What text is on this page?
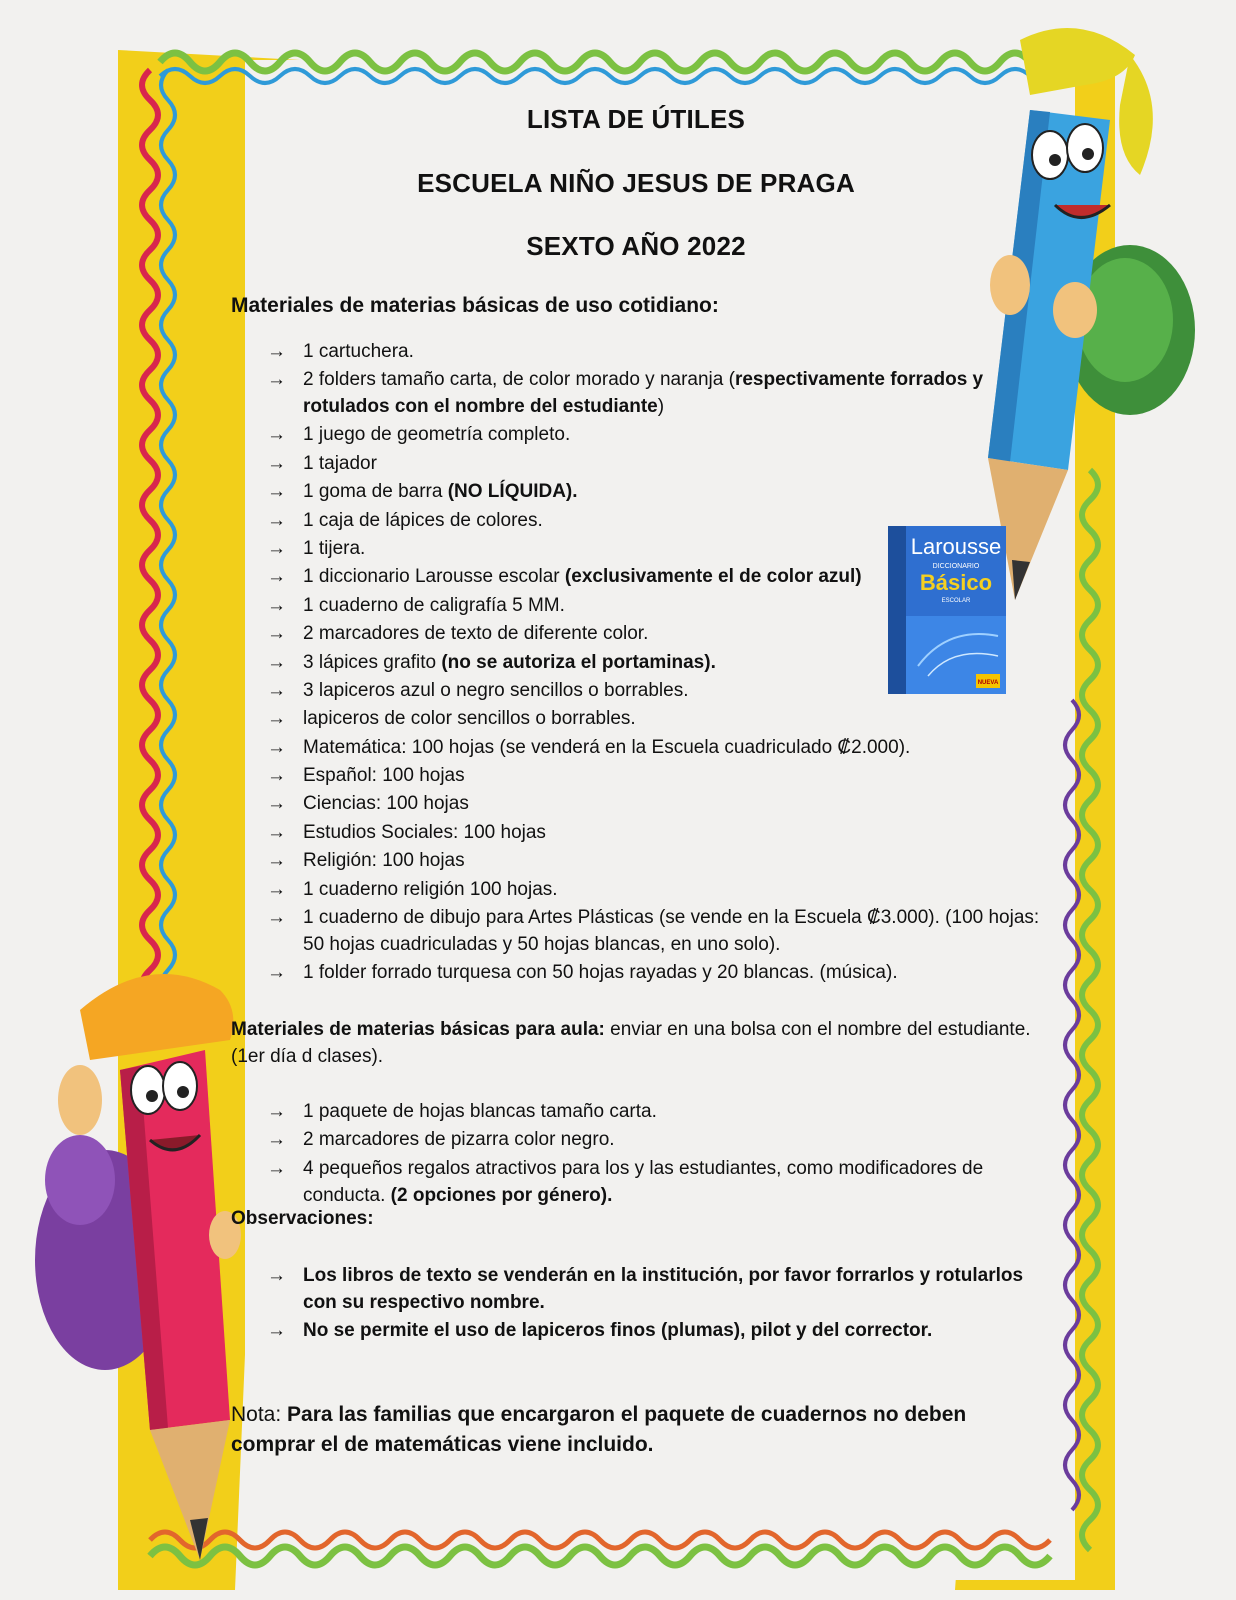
LISTA DE ÚTILES
ESCUELA NIÑO JESUS DE PRAGA
SEXTO AÑO 2022
Materiales de materias básicas de uso cotidiano:
→ 1 cartuchera.
→ 2 folders tamaño carta, de color morado y naranja (respectivamente forrados y rotulados con el nombre del estudiante)
→ 1 juego de geometría completo.
→ 1 tajador
→ 1 goma de barra (NO LÍQUIDA).
→ 1 caja de lápices de colores.
→ 1 tijera.
→ 1 diccionario Larousse escolar (exclusivamente el de color azul)
→ 1 cuaderno de caligrafía 5 MM.
→ 2 marcadores de texto de diferente color.
→ 3 lápices grafito (no se autoriza el portaminas).
→ 3 lapiceros azul o negro sencillos o borrables.
→ lapiceros de color sencillos o borrables.
→ Matemática: 100 hojas (se venderá en la Escuela cuadriculado ₡2.000).
→ Español: 100 hojas
→ Ciencias: 100 hojas
→ Estudios Sociales: 100 hojas
→ Religión: 100 hojas
→ 1 cuaderno religión 100 hojas.
→ 1 cuaderno de dibujo para Artes Plásticas (se vende en la Escuela ₡3.000). (100 hojas: 50 hojas cuadriculadas y 50 hojas blancas, en uno solo).
→ 1 folder forrado turquesa con 50 hojas rayadas y 20 blancas. (música).
Materiales de materias básicas para aula: enviar en una bolsa con el nombre del estudiante. (1er día d clases).
→ 1 paquete de hojas blancas tamaño carta.
→ 2 marcadores de pizarra color negro.
→ 4 pequeños regalos atractivos para los y las estudiantes, como modificadores de conducta. (2 opciones por género).
Observaciones:
→ Los libros de texto se venderán en la institución, por favor forrarlos y rotularlos con su respectivo nombre.
→ No se permite el uso de lapiceros finos (plumas), pilot y del corrector.
Nota: Para las familias que encargaron el paquete de cuadernos no deben comprar el de matemáticas viene incluido.
Larousse
DICCIONARIO
Básico
ESCOLAR
NUEVA
